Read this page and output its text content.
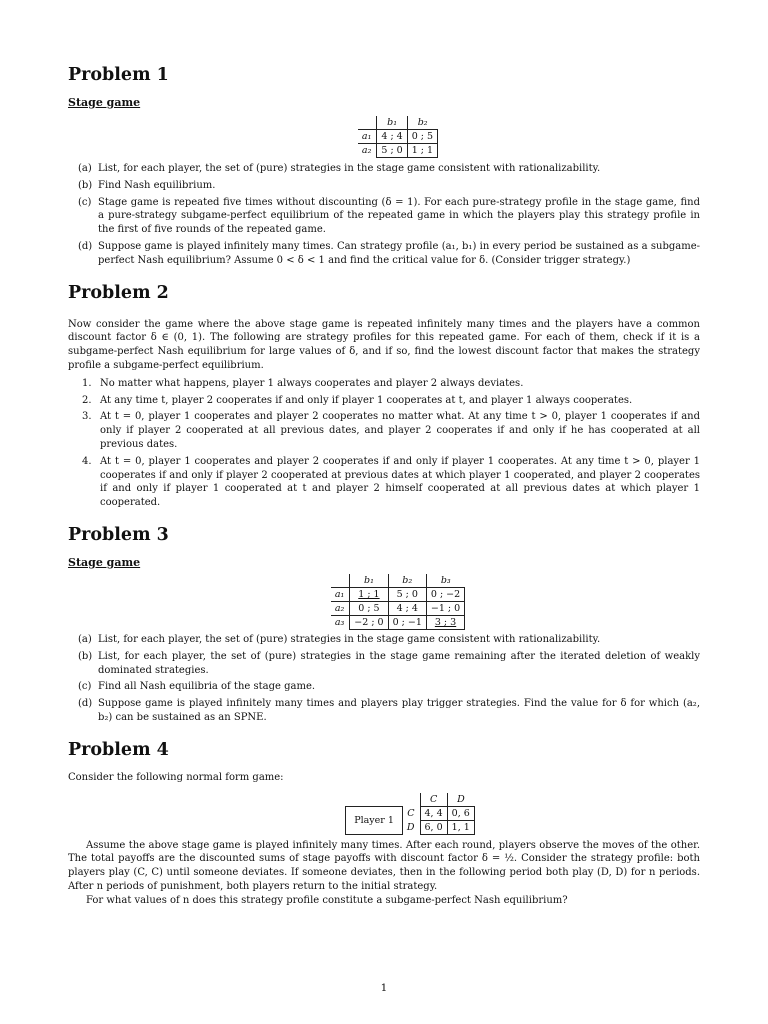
Problem 1
Stage game
	b₁	b₂
a₁	4 ; 4	0 ; 5
a₂	5 ; 0	1 ; 1
(a) List, for each player, the set of (pure) strategies in the stage game consistent with rationalizability.
(b) Find Nash equilibrium.
(c) Stage game is repeated five times without discounting (δ = 1). For each pure-strategy profile in the stage game, find a pure-strategy subgame-perfect equilibrium of the repeated game in which the players play this strategy profile in the first of five rounds of the repeated game.
(d) Suppose game is played infinitely many times. Can strategy profile (a₁, b₁) in every period be sustained as a subgame-perfect Nash equilibrium? Assume 0 < δ < 1 and find the critical value for δ. (Consider trigger strategy.)
Problem 2

Now consider the game where the above stage game is repeated infinitely many times and the players have a common discount factor δ ∈ (0, 1). The following are strategy profiles for this repeated game. For each of them, check if it is a subgame-perfect Nash equilibrium for large values of δ, and if so, find the lowest discount factor that makes the strategy profile a subgame-perfect equilibrium.

1. No matter what happens, player 1 always cooperates and player 2 always deviates.
2. At any time t, player 2 cooperates if and only if player 1 cooperates at t, and player 1 always cooperates.
3. At t = 0, player 1 cooperates and player 2 cooperates no matter what. At any time t > 0, player 1 cooperates if and only if player 2 cooperated at all previous dates, and player 2 cooperates if and only if he has cooperated at all previous dates.
4. At t = 0, player 1 cooperates and player 2 cooperates if and only if player 1 cooperates. At any time t > 0, player 1 cooperates if and only if player 2 cooperated at previous dates at which player 1 cooperated, and player 2 cooperates if and only if player 1 cooperated at t and player 2 himself cooperated at all previous dates at which player 1 cooperated.
Problem 3
Stage game
	b₁	b₂	b₃
a₁	1 ; 1	5 ; 0	0 ; −2
a₂	0 ; 5	4 ; 4	−1 ; 0
a₃	−2 ; 0	0 ; −1	3 ; 3
(a) List, for each player, the set of (pure) strategies in the stage game consistent with rationalizability.
(b) List, for each player, the set of (pure) strategies in the stage game remaining after the iterated deletion of weakly dominated strategies.
(c) Find all Nash equilibria of the stage game.
(d) Suppose game is played infinitely many times and players play trigger strategies. Find the value for δ for which (a₂, b₂) can be sustained as an SPNE.
Problem 4

Consider the following normal form game:

		C	D
Player 1	C	4, 4	0, 6
	D	6, 0	1, 1

Assume the above stage game is played infinitely many times. After each round, players observe the moves of the other. The total payoffs are the discounted sums of stage payoffs with discount factor δ = ½. Consider the strategy profile: both players play (C, C) until someone deviates. If someone deviates, then in the following period both play (D, D) for n periods. After n periods of punishment, both players return to the initial strategy.

For what values of n does this strategy profile constitute a subgame-perfect Nash equilibrium?

1
